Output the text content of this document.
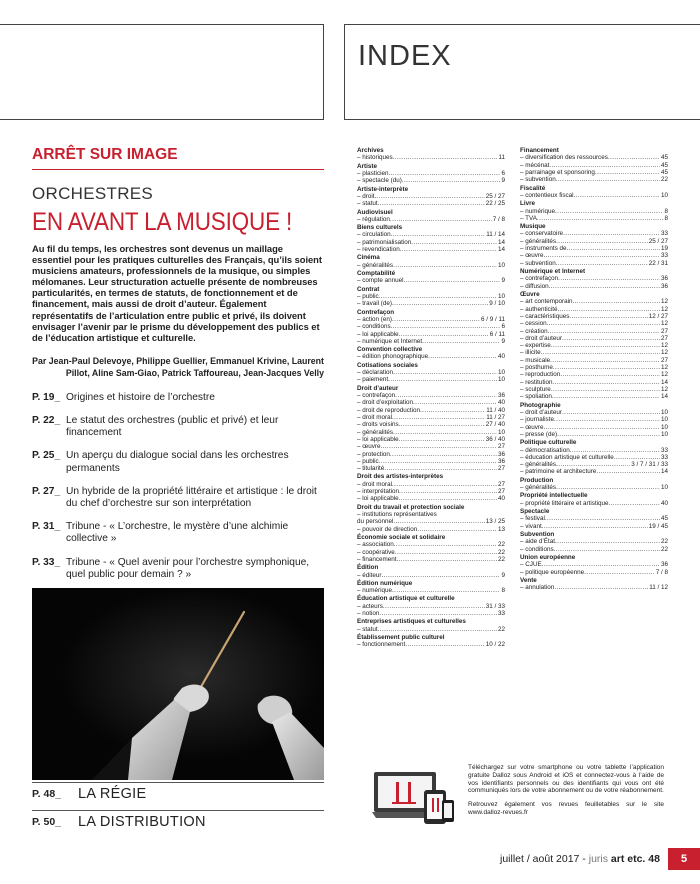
INDEX
ARRÊT SUR IMAGE
ORCHESTRES
EN AVANT LA MUSIQUE !
Au fil du temps, les orchestres sont devenus un maillage essentiel pour les pratiques culturelles des Français, qu’ils soient musiciens amateurs, professionnels de la musique, ou simples mélomanes. Leur structuration actuelle présente de nombreuses particularités, en termes de statuts, de fonctionnement et de financement, mais aussi de droit d’auteur. Également représentatifs de l’articulation entre public et privé, ils doivent envisager l’avenir par le prisme du développement des publics et de l’éducation artistique et culturelle.
Par Jean-Paul Delevoye, Philippe Guellier, Emmanuel Krivine, Laurent Pillot, Aline Sam-Giao, Patrick Taffoureau, Jean-Jacques Velly
P. 19_ Origines et histoire de l’orchestre
P. 22_ Le statut des orchestres (public et privé) et leur financement
P. 25_ Un aperçu du dialogue social dans les orchestres permanents
P. 27_ Un hybride de la propriété littéraire et artistique : le droit du chef d’orchestre sur son interprétation
P. 31_ Tribune - « L’orchestre, le mystère d’une alchimie collective »
P. 33_ Tribune - « Quel avenir pour l’orchestre symphonique, quel public pour demain ? »
P. 48_	LA RÉGIE
P. 50_	LA DISTRIBUTION
Archives
– historiques .....	11
Artiste
– plasticien .....	6
– spectacle (du) .....	9
Artiste-interprète
– droit .....	25 / 27
– statut .....	22 / 25
Audiovisuel
– régulation .....	7 / 8
Biens culturels
– circulation .....	11 / 14
– patrimonialisation .....	14
– revendication .....	14
Cinéma
– généralités .....	10
Comptabilité
– compte annuel .....	9
Contrat
– public .....	10
– travail (de) .....	9 / 10
Contrefaçon
– action (en) .....	6 / 9 / 11
– conditions .....	6
– loi applicable .....	6 / 11
– numérique et Internet .....	9
Convention collective
– édition phonographique .....	40
Cotisations sociales
– déclaration .....	10
– paiement .....	10
Droit d’auteur
– contrefaçon .....	36
– droit d’exploitation .....	40
– droit de reproduction .....	11 / 40
– droit moral .....	11 / 27
– droits voisins .....	27 / 40
– généralités .....	10
– loi applicable .....	36 / 40
– œuvre .....	27
– protection .....	36
– public .....	36
– titularité .....	27
Droit des artistes-interprètes
– droit moral .....	27
– interprétation .....	27
– loi applicable .....	40
Droit du travail et protection sociale
– institutions représentatives
du personnel .....	13 / 25
– pouvoir de direction .....	13
Économie sociale et solidaire
– association .....	22
– coopérative .....	22
– financement .....	22
Édition
– éditeur .....	9
Édition numérique
– numérique .....	8
Éducation artistique et culturelle
– acteurs .....	31 / 33
– notion .....	33
Entreprises artistiques et culturelles
– statut .....	22
Établissement public culturel
– fonctionnement .....	10 / 22
Financement
– diversification des ressources .....	45
– mécénat .....	45
– parrainage et sponsoring .....	45
– subvention .....	22
Fiscalité
– contentieux fiscal .....	10
Livre
– numérique .....	8
– TVA .....	8
Musique
– conservatoire .....	33
– généralités .....	25 / 27
– instruments de .....	19
– œuvre .....	33
– subvention .....	22 / 31
Numérique et Internet
– contrefaçon .....	36
– diffusion .....	36
Œuvre
– art contemporain .....	12
– authenticité .....	12
– caractéristiques .....	12 / 27
– cession .....	12
– création .....	27
– droit d’auteur .....	27
– expertise .....	12
– illicite .....	12
– musicale .....	27
– posthume .....	12
– reproduction .....	12
– restitution .....	14
– sculpture .....	12
– spoliation .....	14
Photographie
– droit d’auteur .....	10
– journaliste .....	10
– œuvre .....	10
– presse (de) .....	10
Politique culturelle
– démocratisation .....	33
– éducation artistique et culturelle .....	33
– généralités .....	3 / 7 / 31 / 33
– patrimoine et architecture .....	14
Production
– généralités .....	10
Propriété intellectuelle
– propriété littéraire et artistique .....	40
Spectacle
– festival .....	45
– vivant .....	19 / 45
Subvention
– aide d’État .....	22
– conditions .....	22
Union européenne
– CJUE .....	36
– politique européenne .....	7 / 8
Vente
– annulation .....	11 / 12

Téléchargez sur votre smartphone ou votre tablette l’application gratuite Dalloz sous Android et iOS et connectez-vous à l’aide de vos identifiants personnels ou des identifiants qui vous ont été communiqués lors de votre abonnement ou de votre réabonnement.

Retrouvez également vos revues feuilletables sur le site www.dalloz-revues.fr

juillet / août 2017 - juris art etc. 48	5
